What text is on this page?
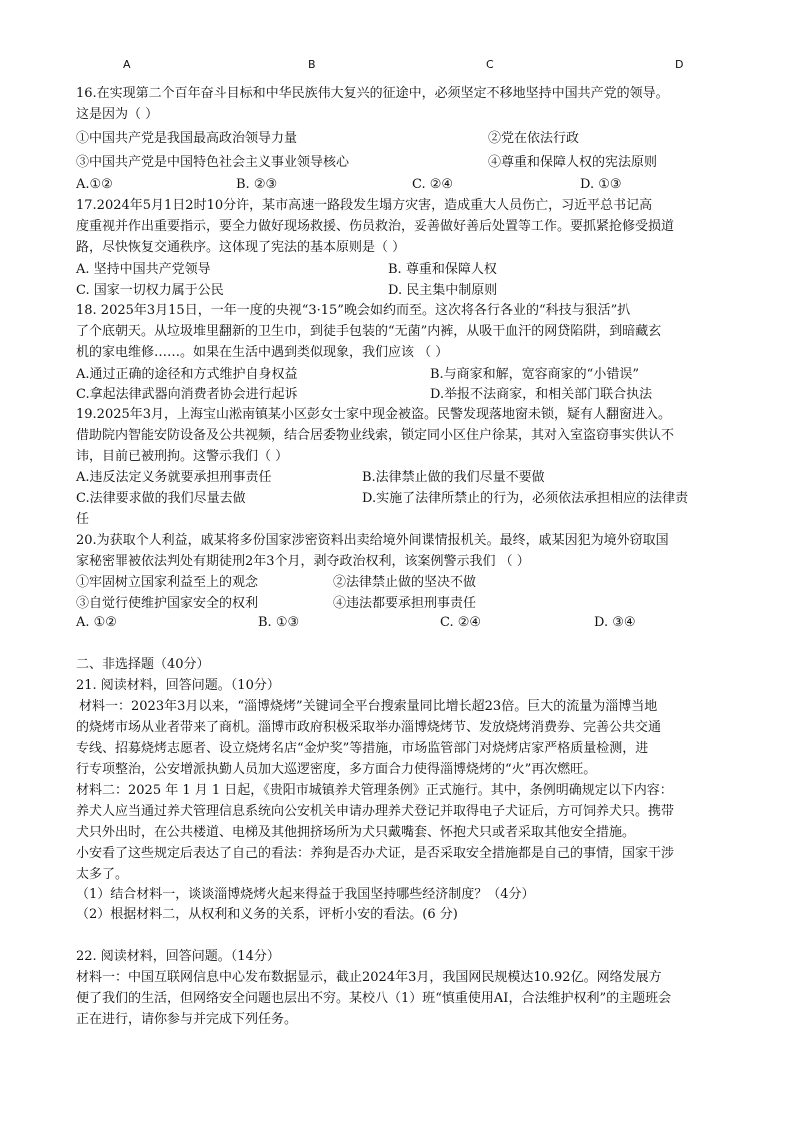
A	B	C	D
16.在实现第二个百年奋斗目标和中华民族伟大复兴的征途中，必须坚定不移地坚持中国共产党的领导。
这是因为（ ）
①中国共产党是我国最高政治领导力量	②党在依法行政
③中国共产党是中国特色社会主义事业领导核心	④尊重和保障人权的宪法原则
A.①②	B. ②③	C. ②④	D. ①③
17.2024年5月1日2时10分许，某市高速一路段发生塌方灾害，造成重大人员伤亡，习近平总书记高
度重视并作出重要指示，要全力做好现场救援、伤员救治，妥善做好善后处置等工作。要抓紧抢修受损道
路，尽快恢复交通秩序。这体现了宪法的基本原则是（ ）
A. 坚持中国共产党领导	B. 尊重和保障人权
C. 国家一切权力属于公民	D. 民主集中制原则
18. 2025年3月15日，一年一度的央视“3·15”晚会如约而至。这次将各行各业的“科技与狠活”扒
了个底朝天。从垃圾堆里翻新的卫生巾，到徒手包装的“无菌”内裤，从吸干血汗的网贷陷阱，到暗藏玄
机的家电维修……。如果在生活中遇到类似现象，我们应该 （ ）
A.通过正确的途径和方式维护自身权益	B.与商家和解，宽容商家的“小错误”
C.拿起法律武器向消费者协会进行起诉	D.举报不法商家，和相关部门联合执法
19.2025年3月，上海宝山淞南镇某小区彭女士家中现金被盗。民警发现落地窗未锁，疑有人翻窗进入。
借助院内智能安防设备及公共视频，结合居委物业线索，锁定同小区住户徐某，其对入室盗窃事实供认不
讳，目前已被刑拘。这警示我们（ ）
A.违反法定义务就要承担刑事责任	B.法律禁止做的我们尽量不要做
C.法律要求做的我们尽量去做	D.实施了法律所禁止的行为，必须依法承担相应的法律责
任
20.为获取个人利益，戚某将多份国家涉密资料出卖给境外间谍情报机关。最终，戚某因犯为境外窃取国
家秘密罪被依法判处有期徒刑2年3个月，剥夺政治权利，该案例警示我们 （ ）
①牢固树立国家利益至上的观念	②法律禁止做的坚决不做
③自觉行使维护国家安全的权利	④违法都要承担刑事责任
A. ①②	B. ①③	C. ②④	D. ③④
二、非选择题（40分）
21. 阅读材料，回答问题。（10分）
材料一：2023年3月以来，“淄博烧烤”关键词全平台搜索量同比增长超23倍。巨大的流量为淄博当地
的烧烤市场从业者带来了商机。淄博市政府积极采取举办淄博烧烤节、发放烧烤消费券、完善公共交通
专线、招募烧烤志愿者、设立烧烤名店“金炉奖”等措施，市场监管部门对烧烤店家严格质量检测，进
行专项整治，公安增派执勤人员加大巡逻密度，多方面合力使得淄博烧烤的“火”再次燃旺。
材料二：2025 年 1 月 1 日起，《贵阳市城镇养犬管理条例》正式施行。其中，条例明确规定以下内容：
养犬人应当通过养犬管理信息系统向公安机关申请办理养犬登记并取得电子犬证后，方可饲养犬只。携带
犬只外出时，在公共楼道、电梯及其他拥挤场所为犬只戴嘴套、怀抱犬只或者采取其他安全措施。
小安看了这些规定后表达了自己的看法：养狗是否办犬证，是否采取安全措施都是自己的事情，国家干涉
太多了。
（1）结合材料一，谈谈淄博烧烤火起来得益于我国坚持哪些经济制度？（4分）
（2）根据材料二，从权利和义务的关系，评析小安的看法。(6 分)
22. 阅读材料，回答问题。（14分）
材料一：中国互联网信息中心发布数据显示，截止2024年3月，我国网民规模达10.92亿。网络发展方
便了我们的生活，但网络安全问题也层出不穷。某校八（1）班“慎重使用AI，合法维护权利”的主题班会
正在进行，请你参与并完成下列任务。
